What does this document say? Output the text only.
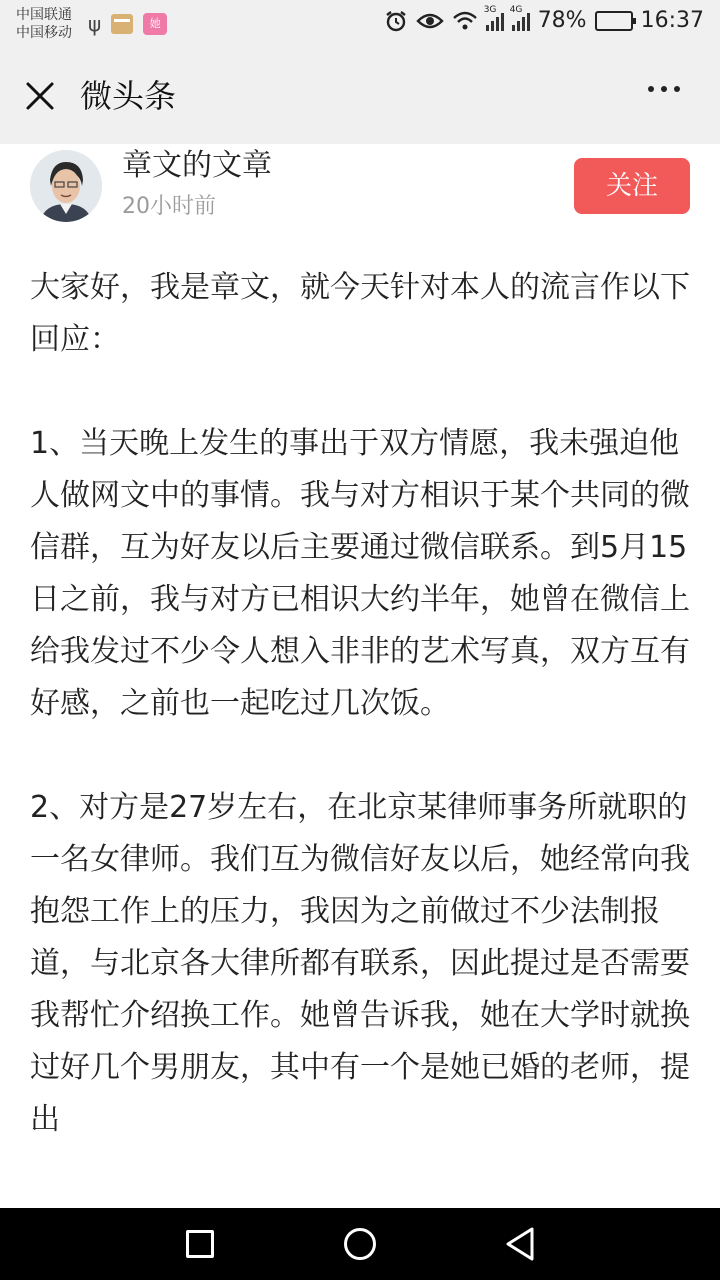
中国联通
中国移动 ψ	她
3G 4G 78% 16:37
微头条
章文的文章
20小时前
关注

大家好，我是章文，就今天针对本人的流言作以下回应：

1、当天晚上发生的事出于双方情愿，我未强迫他人做网文中的事情。我与对方相识于某个共同的微信群，互为好友以后主要通过微信联系。到5月15日之前，我与对方已相识大约半年，她曾在微信上给我发过不少令人想入非非的艺术写真，双方互有好感，之前也一起吃过几次饭。

2、对方是27岁左右，在北京某律师事务所就职的一名女律师。我们互为微信好友以后，她经常向我抱怨工作上的压力，我因为之前做过不少法制报道，与北京各大律所都有联系，因此提过是否需要我帮忙介绍换工作。她曾告诉我，她在大学时就换过好几个男朋友，其中有一个是她已婚的老师，提出
